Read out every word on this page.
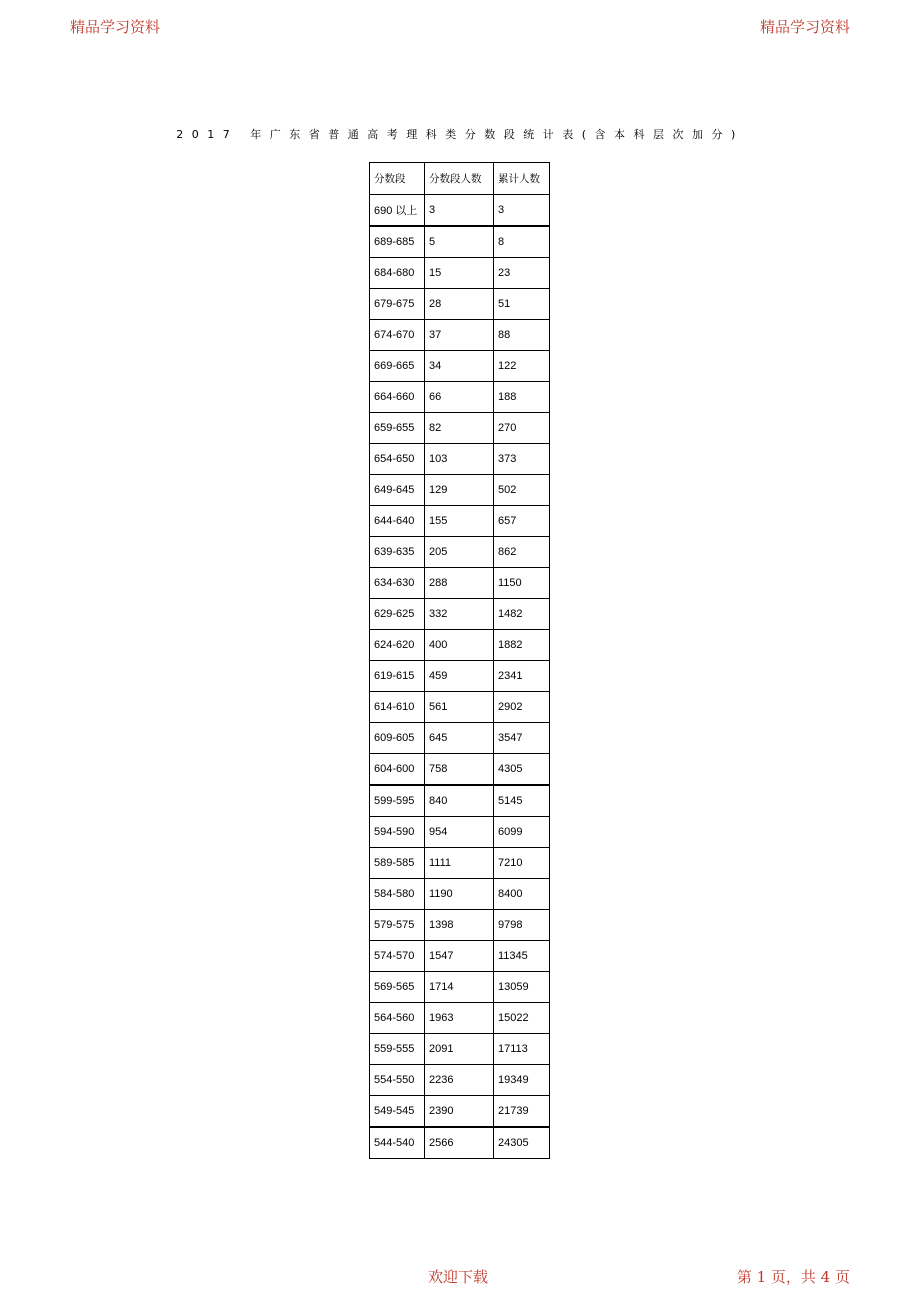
精品学习资料	精品学习资料
2017 年广东省普通高考理科类分数段统计表(含本科层次加分)
分数段	分数段人数	累计人数
690 以上	3	3
689-685	5	8
684-680	15	23
679-675	28	51
674-670	37	88
669-665	34	122
664-660	66	188
659-655	82	270
654-650	103	373
649-645	129	502
644-640	155	657
639-635	205	862
634-630	288	1150
629-625	332	1482
624-620	400	1882
619-615	459	2341
614-610	561	2902
609-605	645	3547
604-600	758	4305
599-595	840	5145
594-590	954	6099
589-585	1111	7210
584-580	1190	8400
579-575	1398	9798
574-570	1547	11345
569-565	1714	13059
564-560	1963	15022
559-555	2091	17113
554-550	2236	19349
549-545	2390	21739
544-540	2566	24305
欢迎下载	第 1 页，共 4 页
